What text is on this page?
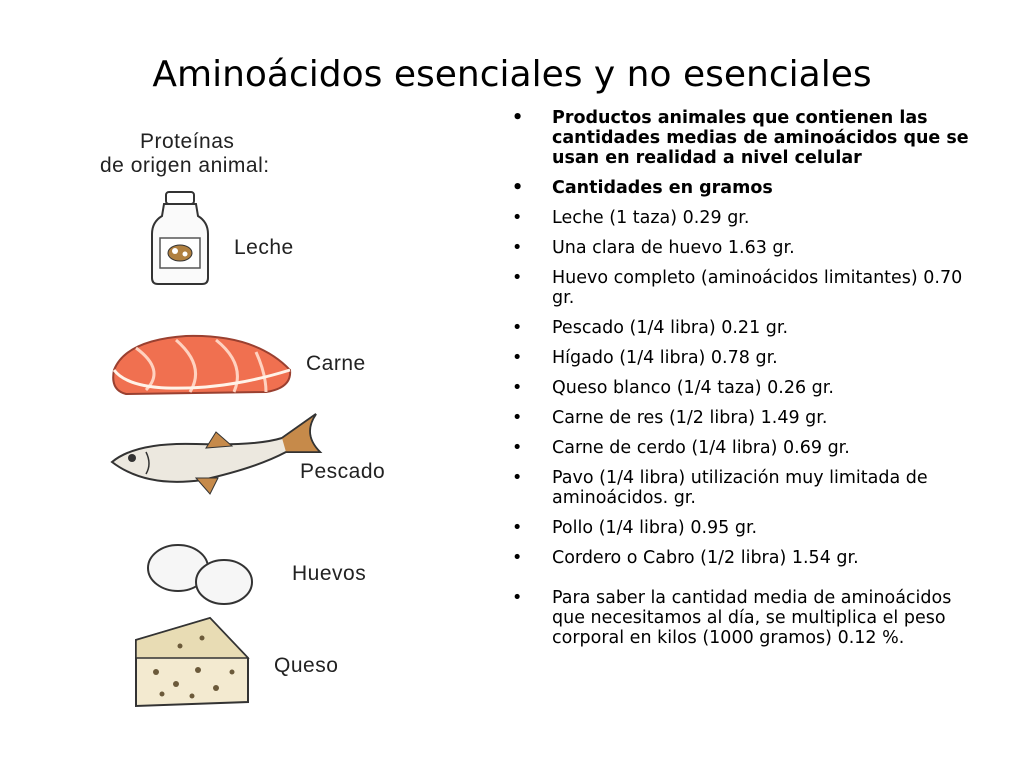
Aminoácidos esenciales y no esenciales
Proteínas
de origen animal:
Leche
Carne
Pescado
Huevos
Queso
• Productos animales que contienen las cantidades medias de aminoácidos que se usan en realidad a nivel celular
• Cantidades en gramos
• Leche (1 taza) 0.29 gr.
• Una clara de huevo 1.63 gr.
• Huevo completo (aminoácidos limitantes) 0.70 gr.
• Pescado (1/4 libra) 0.21 gr.
• Hígado (1/4 libra) 0.78 gr.
• Queso blanco (1/4 taza) 0.26 gr.
• Carne de res (1/2 libra) 1.49 gr.
• Carne de cerdo (1/4 libra) 0.69 gr.
• Pavo (1/4 libra) utilización muy limitada de aminoácidos. gr.
• Pollo (1/4 libra) 0.95 gr.
• Cordero o Cabro (1/2 libra) 1.54 gr.
• Para saber la cantidad media de aminoácidos que necesitamos al día, se multiplica el peso corporal en kilos (1000 gramos) 0.12 %.
